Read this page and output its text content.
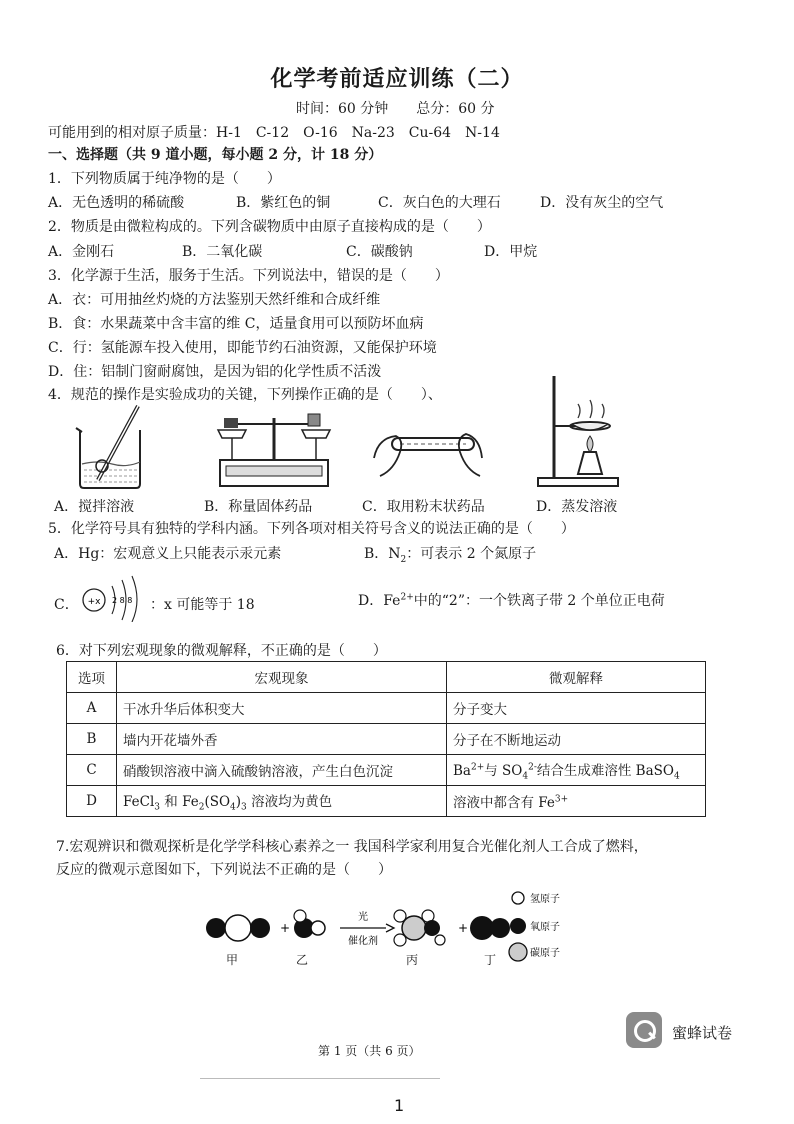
化学考前适应训练（二）
时间：60 分钟　　总分：60 分
可能用到的相对原子质量：H-1　C-12　O-16　Na-23　Cu-64　N-14
一、选择题（共 9 道小题，每小题 2 分，计 18 分）
1．下列物质属于纯净物的是（　　）
A．无色透明的稀硫酸	B．紫红色的铜	C．灰白色的大理石	D．没有灰尘的空气
2．物质是由微粒构成的。下列含碳物质中由原子直接构成的是（　　）
A．金刚石	B．二氧化碳	C．碳酸钠	D．甲烷
3．化学源于生活，服务于生活。下列说法中，错误的是（　　）
A．衣：可用抽丝灼烧的方法鉴别天然纤维和合成纤维
B．食：水果蔬菜中含丰富的维 C，适量食用可以预防坏血病
C．行：氢能源车投入使用，即能节约石油资源，又能保护环境
D．住：铝制门窗耐腐蚀，是因为铝的化学性质不活泼
4．规范的操作是实验成功的关键，下列操作正确的是（　　）、
A．搅拌溶液	B．称量固体药品	C．取用粉末状药品	D．蒸发溶液
5．化学符号具有独特的学科内涵。下列各项对相关符号含义的说法正确的是（　　）
A．Hg：宏观意义上只能表示汞元素	B．$N_2$：可表示 2 个氮原子
C． +x 2 8 8 ：x 可能等于 18	D．$Fe^{2+}$中的“2”：一个铁离子带 2 个单位正电荷
6．对下列宏观现象的微观解释，不正确的是（　　）
选项	宏观现象	微观解释
A	干冰升华后体积变大	分子变大
B	墙内开花墙外香	分子在不断地运动
C	硝酸钡溶液中滴入硫酸钠溶液，产生白色沉淀	$Ba^{2+}$与 $SO_4^{2-}$结合生成难溶性 BaSO$_4$
D	FeCl$_3$ 和 $Fe_2(SO_4)_3$ 溶液均为黄色	溶液中都含有 $Fe^{3+}$
7.宏观辨识和微观探析是化学学科核心素养之一 我国科学家利用复合光催化剂人工合成了燃料，
反应的微观示意图如下，下列说法不正确的是（　　）
+
光
催化剂
+
氢原子
氧原子
碳原子
甲	乙	丙	丁
第 1 页（共 6 页）
蜜蜂试卷
1
